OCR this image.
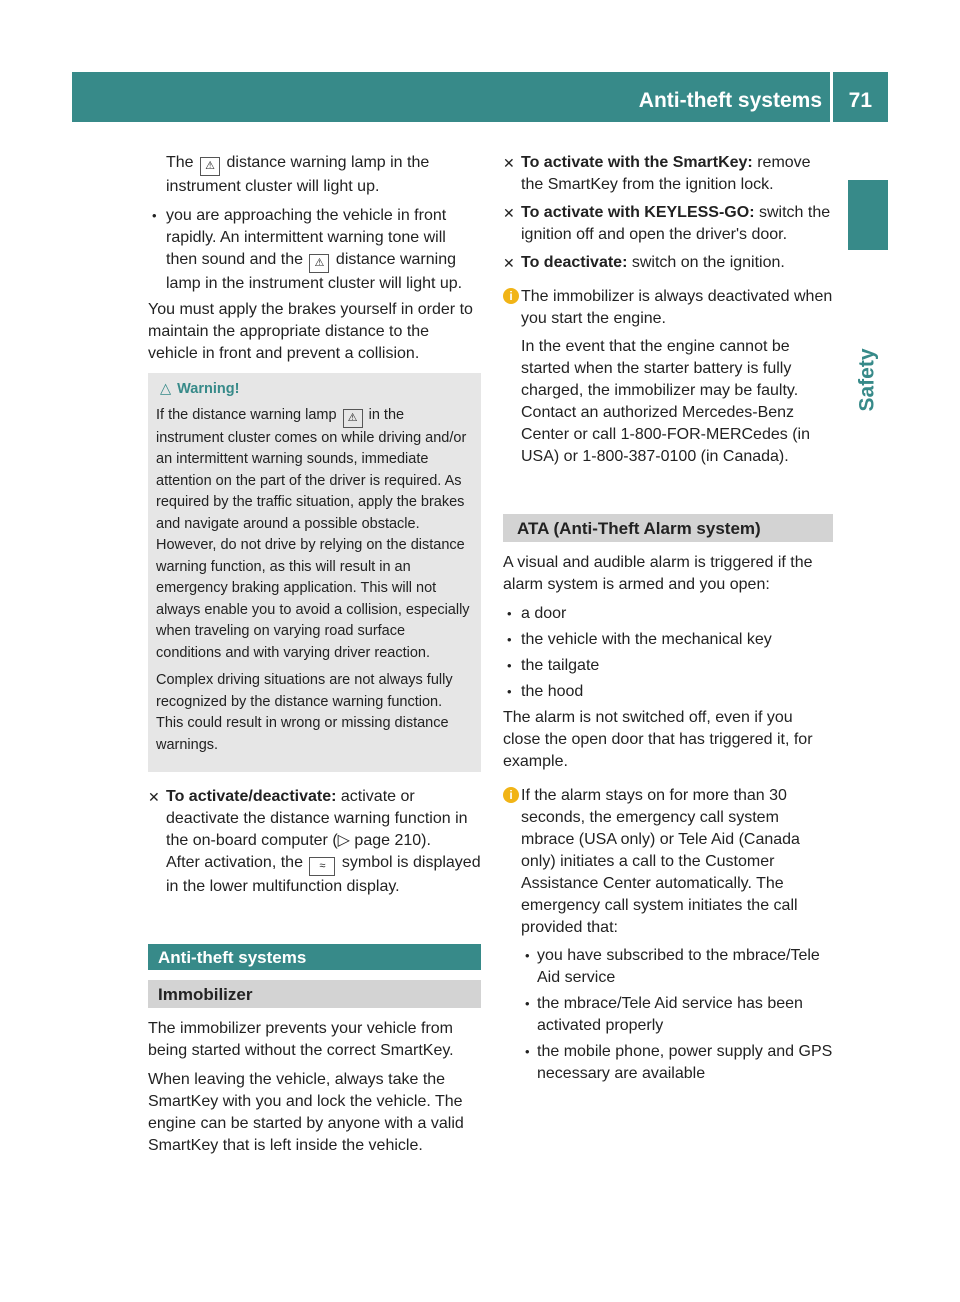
Anti-theft systems 71
Safety

The ⚠ distance warning lamp in the instrument cluster will light up.

• you are approaching the vehicle in front rapidly. An intermittent warning tone will then sound and the ⚠ distance warning lamp in the instrument cluster will light up.

You must apply the brakes yourself in order to maintain the appropriate distance to the vehicle in front and prevent a collision.

△ Warning!

If the distance warning lamp ⚠ in the instrument cluster comes on while driving and/or an intermittent warning sounds, immediate attention on the part of the driver is required. As required by the traffic situation, apply the brakes and navigate around a possible obstacle. However, do not drive by relying on the distance warning function, as this will result in an emergency braking application. This will not always enable you to avoid a collision, especially when traveling on varying road surface conditions and with varying driver reaction.

Complex driving situations are not always fully recognized by the distance warning function. This could result in wrong or missing distance warnings.

✕ To activate/deactivate: activate or deactivate the distance warning function in the on-board computer (▷ page 210).
After activation, the ≈ symbol is displayed in the lower multifunction display.
Anti-theft systems
Immobilizer

The immobilizer prevents your vehicle from being started without the correct SmartKey.

When leaving the vehicle, always take the SmartKey with you and lock the vehicle. The engine can be started by anyone with a valid SmartKey that is left inside the vehicle.

✕ To activate with the SmartKey: remove the SmartKey from the ignition lock.
✕ To activate with KEYLESS-GO: switch the ignition off and open the driver's door.
✕ To deactivate: switch on the ignition.
i The immobilizer is always deactivated when you start the engine.

In the event that the engine cannot be started when the starter battery is fully charged, the immobilizer may be faulty. Contact an authorized Mercedes-Benz Center or call 1-800-FOR-MERCedes (in USA) or 1-800-387-0100 (in Canada).

ATA (Anti-Theft Alarm system)

A visual and audible alarm is triggered if the alarm system is armed and you open:

• a door
• the vehicle with the mechanical key
• the tailgate
• the hood

The alarm is not switched off, even if you close the open door that has triggered it, for example.

i If the alarm stays on for more than 30 seconds, the emergency call system mbrace (USA only) or Tele Aid (Canada only) initiates a call to the Customer Assistance Center automatically. The emergency call system initiates the call provided that:

• you have subscribed to the mbrace/Tele Aid service
• the mbrace/Tele Aid service has been activated properly
• the mobile phone, power supply and GPS necessary are available
